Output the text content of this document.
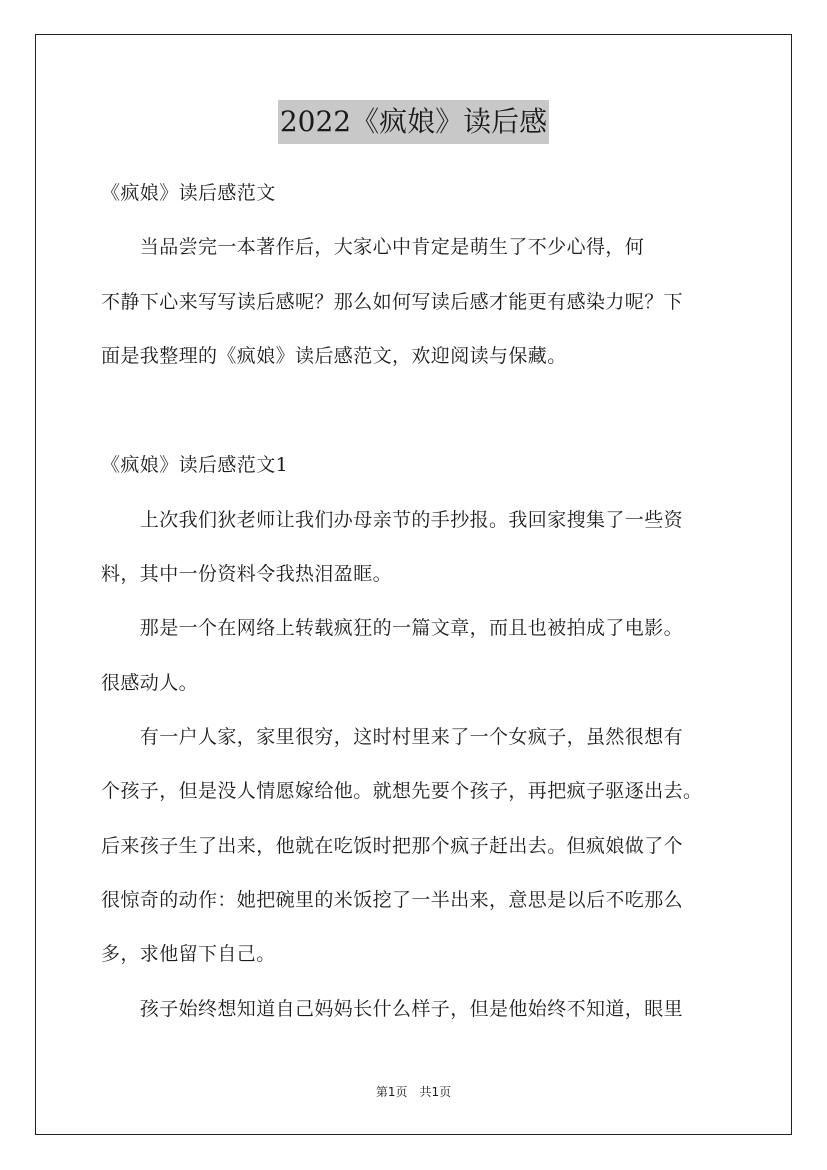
2022《疯娘》读后感
《疯娘》读后感范文
　　当品尝完一本著作后，大家心中肯定是萌生了不少心得，何
不静下心来写写读后感呢？那么如何写读后感才能更有感染力呢？下
面是我整理的《疯娘》读后感范文，欢迎阅读与保藏。
《疯娘》读后感范文1
　　上次我们狄老师让我们办母亲节的手抄报。我回家搜集了一些资
料，其中一份资料令我热泪盈眶。
　　那是一个在网络上转载疯狂的一篇文章，而且也被拍成了电影。
很感动人。
　　有一户人家，家里很穷，这时村里来了一个女疯子，虽然很想有
个孩子，但是没人情愿嫁给他。就想先要个孩子，再把疯子驱逐出去。
后来孩子生了出来，他就在吃饭时把那个疯子赶出去。但疯娘做了个
很惊奇的动作：她把碗里的米饭挖了一半出来，意思是以后不吃那么
多，求他留下自己。
　　孩子始终想知道自己妈妈长什么样子，但是他始终不知道，眼里
第1页　共1页
